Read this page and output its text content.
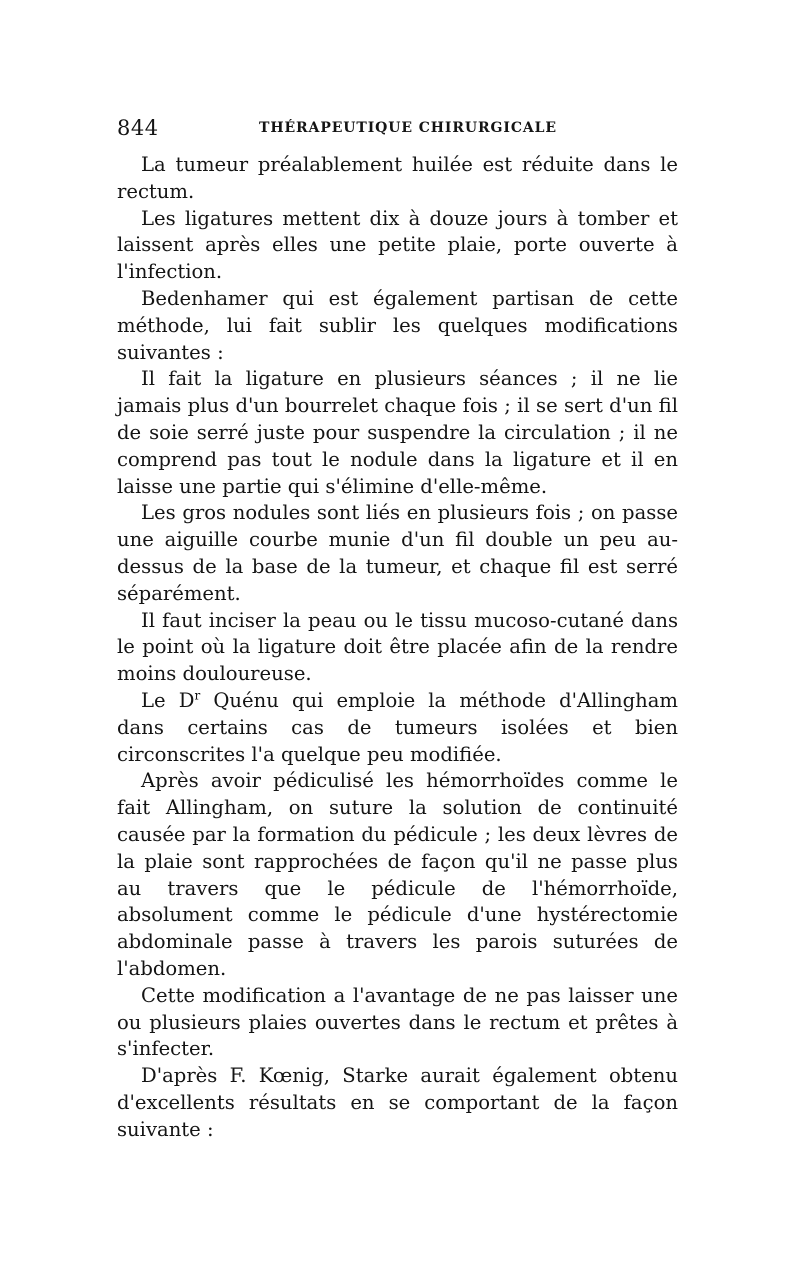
844	THÉRAPEUTIQUE CHIRURGICALE

La tumeur préalablement huilée est réduite dans le rectum.

Les ligatures mettent dix à douze jours à tomber et laissent après elles une petite plaie, porte ouverte à l'infection.

Bedenhamer qui est également partisan de cette méthode, lui fait sublir les quelques modifications suivantes :

Il fait la ligature en plusieurs séances ; il ne lie jamais plus d'un bourrelet chaque fois ; il se sert d'un fil de soie serré juste pour suspendre la circulation ; il ne comprend pas tout le nodule dans la ligature et il en laisse une partie qui s'élimine d'elle-même.

Les gros nodules sont liés en plusieurs fois ; on passe une aiguille courbe munie d'un fil double un peu au-dessus de la base de la tumeur, et chaque fil est serré séparément.

Il faut inciser la peau ou le tissu mucoso-cutané dans le point où la ligature doit être placée afin de la rendre moins douloureuse.

Le $D^r$ Quénu qui emploie la méthode d'Allingham dans certains cas de tumeurs isolées et bien circonscrites l'a quelque peu modifiée.

Après avoir pédiculisé les hémorrhoïdes comme le fait Allingham, on suture la solution de continuité causée par la formation du pédicule ; les deux lèvres de la plaie sont rapprochées de façon qu'il ne passe plus au travers que le pédicule de l'hémorrhoïde, absolument comme le pédicule d'une hystérectomie abdominale passe à travers les parois suturées de l'abdomen.

Cette modification a l'avantage de ne pas laisser une ou plusieurs plaies ouvertes dans le rectum et prêtes à s'infecter.

D'après F. Kœnig, Starke aurait également obtenu d'excellents résultats en se comportant de la façon suivante :
